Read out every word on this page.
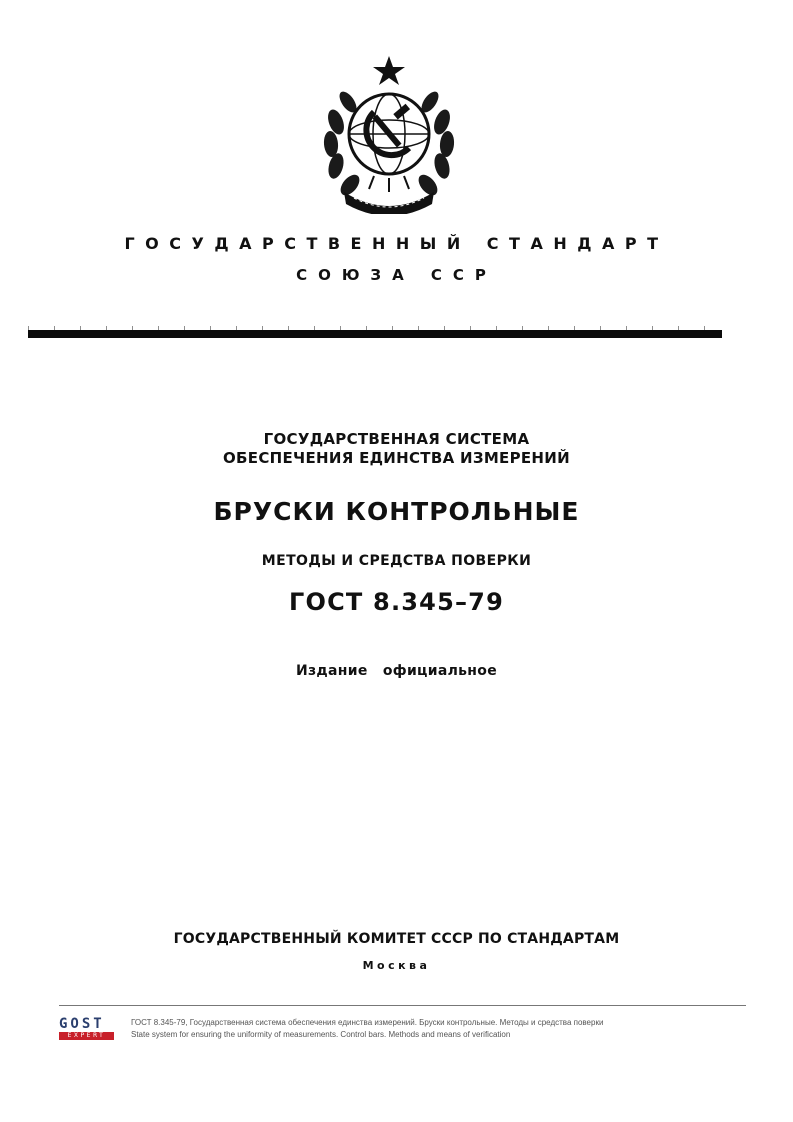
ГОСУДАРСТВЕННЫЙ СТАНДАРТ
СОЮЗА ССР
ГОСУДАРСТВЕННАЯ СИСТЕМА ОБЕСПЕЧЕНИЯ ЕДИНСТВА ИЗМЕРЕНИЙ
БРУСКИ КОНТРОЛЬНЫЕ
МЕТОДЫ И СРЕДСТВА ПОВЕРКИ
ГОСТ 8.345–79
Издание официальное
ГОСУДАРСТВЕННЫЙ КОМИТЕТ СССР ПО СТАНДАРТАМ
Москва
GOST
EXPERT
ГОСТ 8.345-79, Государственная система обеспечения единства измерений. Бруски контрольные. Методы и средства поверки
State system for ensuring the uniformity of measurements. Control bars. Methods and means of verification
